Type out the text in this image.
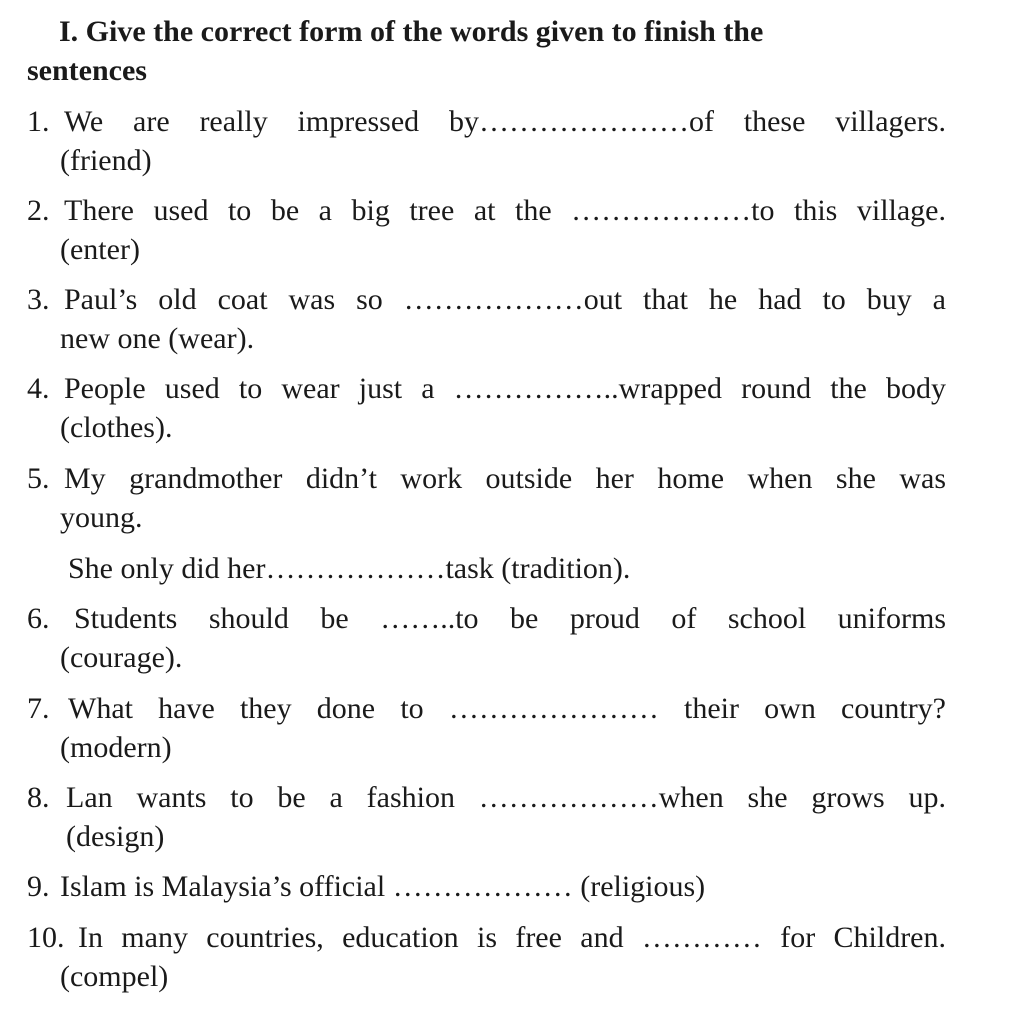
I. Give the correct form of the words given to finish the
sentences
1. We are really impressed by…………………of these villagers.
(friend)
2. There used to be a big tree at the ………………to this village.
(enter)
3. Paul’s old coat was so ………………out that he had to buy a
new one (wear).
4. People used to wear just a ……………..wrapped round the body
(clothes).
5. My grandmother didn’t work outside her home when she was
young.
She only did her………………task (tradition).
6. Students should be ……..to be proud of school uniforms
(courage).
7. What have they done to ………………… their own country?
(modern)
8. Lan wants to be a fashion ………………when she grows up.
(design)
9. Islam is Malaysia’s official ……………… (religious)
10. In many countries, education is free and ………… for Children.
(compel)
